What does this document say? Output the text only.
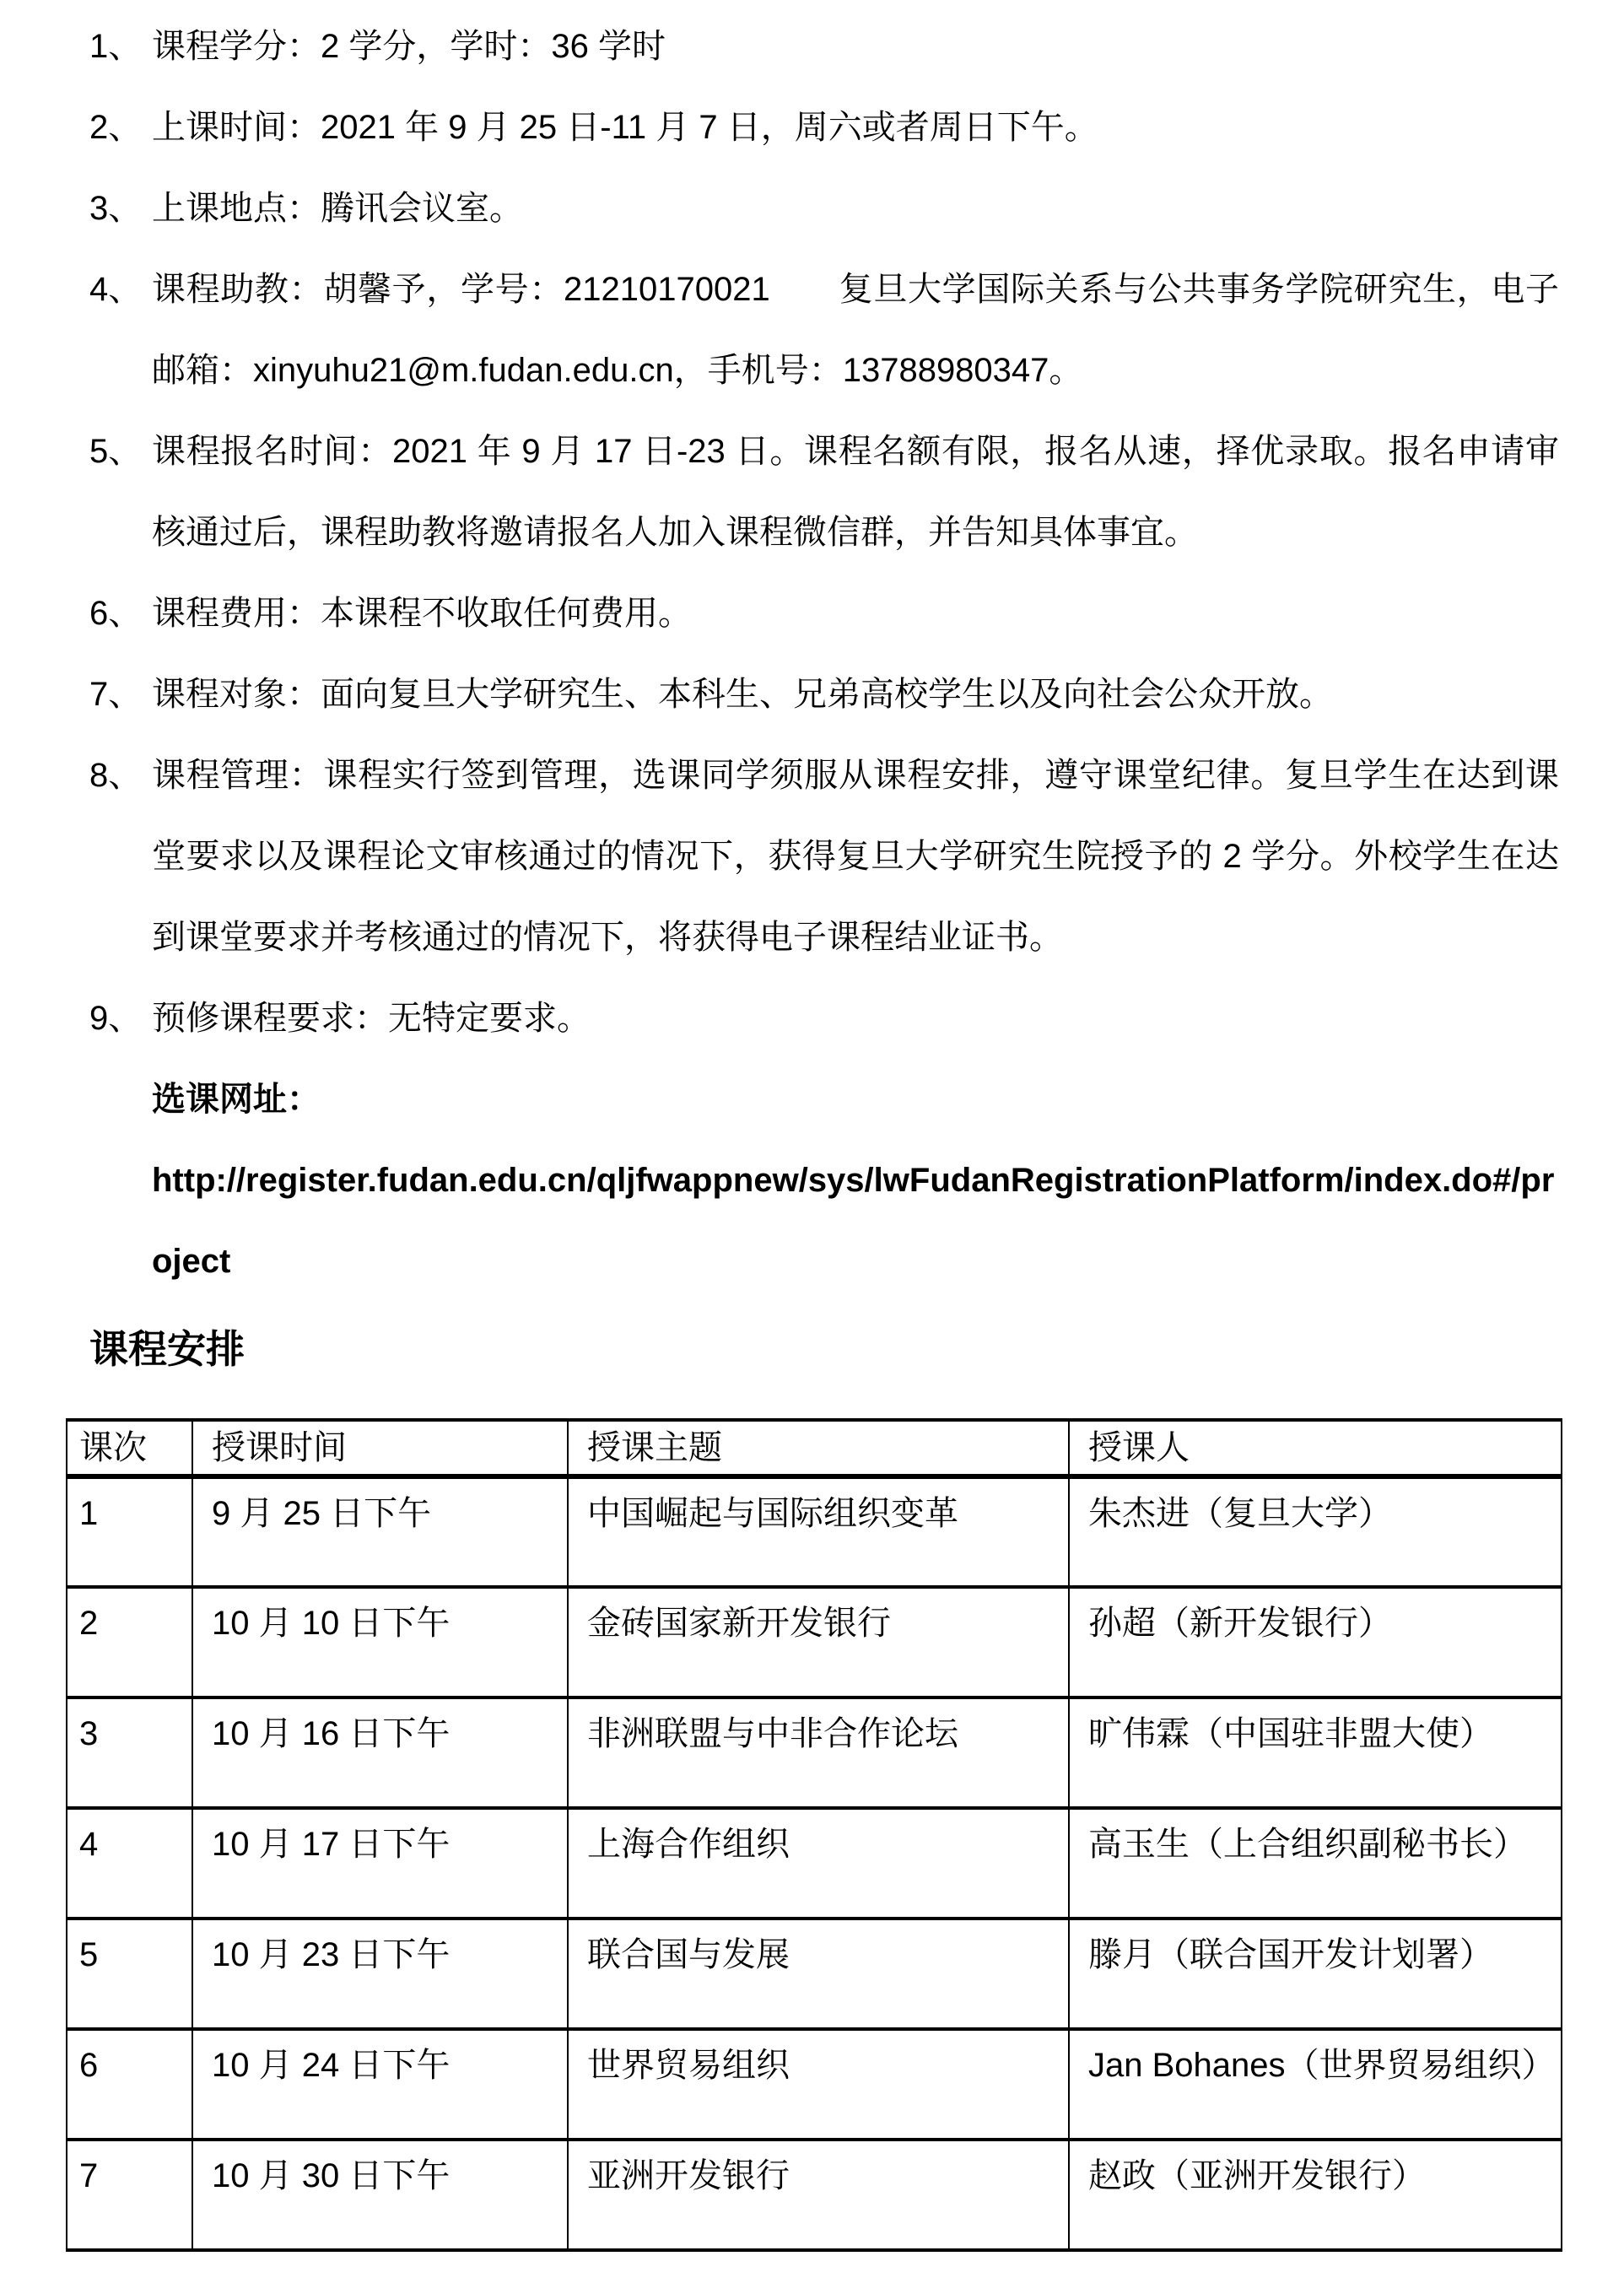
1、 课程学分：2 学分，学时：36 学时
2、 上课时间：2021 年 9 月 25 日-11 月 7 日，周六或者周日下午。
3、 上课地点：腾讯会议室。
4、 课程助教：胡馨予，学号：21210170021　　复旦大学国际关系与公共事务学院研究生，电子邮箱：xinyuhu21@m.fudan.edu.cn，手机号：13788980347。
5、 课程报名时间：2021 年 9 月 17 日-23 日。课程名额有限，报名从速，择优录取。报名申请审核通过后，课程助教将邀请报名人加入课程微信群，并告知具体事宜。
6、 课程费用：本课程不收取任何费用。
7、 课程对象：面向复旦大学研究生、本科生、兄弟高校学生以及向社会公众开放。
8、 课程管理：课程实行签到管理，选课同学须服从课程安排，遵守课堂纪律。复旦学生在达到课堂要求以及课程论文审核通过的情况下，获得复旦大学研究生院授予的 2 学分。外校学生在达到课堂要求并考核通过的情况下，将获得电子课程结业证书。
9、 预修课程要求：无特定要求。
选课网址：
http://register.fudan.edu.cn/qljfwappnew/sys/lwFudanRegistrationPlatform/index.do#/project
课程安排
课次	授课时间	授课主题	授课人
1	9 月 25 日下午	中国崛起与国际组织变革	朱杰进（复旦大学）
2	10 月 10 日下午	金砖国家新开发银行	孙超（新开发银行）
3	10 月 16 日下午	非洲联盟与中非合作论坛	旷伟霖（中国驻非盟大使）
4	10 月 17 日下午	上海合作组织	高玉生（上合组织副秘书长）
5	10 月 23 日下午	联合国与发展	滕月（联合国开发计划署）
6	10 月 24 日下午	世界贸易组织	Jan Bohanes（世界贸易组织）
7	10 月 30 日下午	亚洲开发银行	赵政（亚洲开发银行）
